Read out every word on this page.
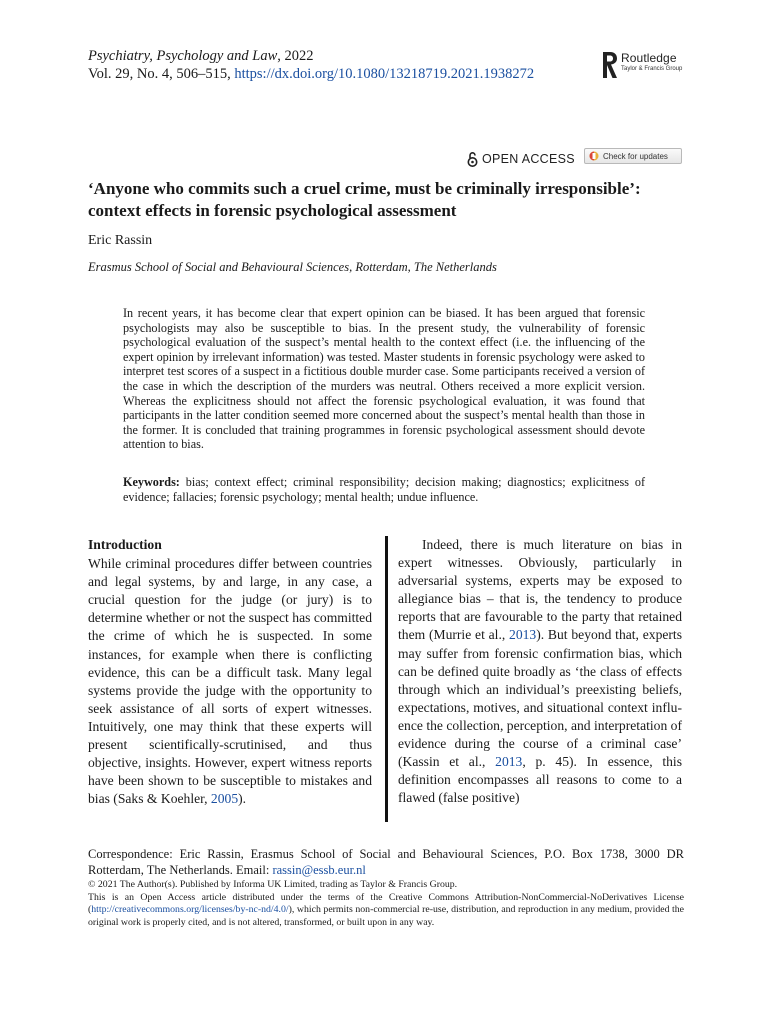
Psychiatry, Psychology and Law, 2022
Vol. 29, No. 4, 506–515, https://dx.doi.org/10.1080/13218719.2021.1938272
Routledge
Taylor & Francis Group
OPEN ACCESS	Check for updates
‘Anyone who commits such a cruel crime, must be criminally irresponsible’: context effects in forensic psychological assessment
Eric Rassin
Erasmus School of Social and Behavioural Sciences, Rotterdam, The Netherlands
In recent years, it has become clear that expert opinion can be biased. It has been argued that forensic psychologists may also be susceptible to bias. In the present study, the vulnerability of forensic psychological evaluation of the suspect’s mental health to the context effect (i.e. the influencing of the expert opinion by irrelevant information) was tested. Master students in forensic psychology were asked to interpret test scores of a suspect in a fictitious double murder case. Some participants received a version of the case in which the description of the murders was neutral. Others received a more explicit version. Whereas the explicitness should not affect the forensic psychological evaluation, it was found that participants in the latter condition seemed more concerned about the suspect’s mental health than those in the former. It is concluded that training programmes in forensic psychological assessment should devote attention to bias.
Keywords: bias; context effect; criminal responsibility; decision making; diagnostics; explicitness of evidence; fallacies; forensic psychology; mental health; undue influence.
Introduction

While criminal procedures differ between countries and legal systems, by and large, in any case, a crucial question for the judge (or jury) is to determine whether or not the suspect has committed the crime of which he is suspected. In some instances, for example when there is conflicting evidence, this can be a difficult task. Many legal systems provide the judge with the opportunity to seek assistance of all sorts of expert witnesses. Intuitively, one may think that these experts will present scientifically-scrutinised, and thus objective, insights. However, expert witness reports have been shown to be susceptible to mistakes and bias (Saks & Koehler, 2005).

Indeed, there is much literature on bias in expert witnesses. Obviously, particularly in adversarial systems, experts may be exposed to allegiance bias – that is, the tendency to produce reports that are favourable to the party that retained them (Murrie et al., 2013). But beyond that, experts may suffer from forensic confirmation bias, which can be defined quite broadly as ‘the class of effects through which an individual’s preexisting beliefs, expectations, motives, and situational context influence the collection, perception, and interpretation of evidence during the course of a criminal case’ (Kassin et al., 2013, p. 45). In essence, this definition encompasses all reasons to come to a flawed (false positive)

Correspondence: Eric Rassin, Erasmus School of Social and Behavioural Sciences, P.O. Box 1738, 3000 DR Rotterdam, The Netherlands. Email: rassin@essb.eur.nl
© 2021 The Author(s). Published by Informa UK Limited, trading as Taylor & Francis Group.
This is an Open Access article distributed under the terms of the Creative Commons Attribution-NonCommercial-NoDerivatives License (http://creativecommons.org/licenses/by-nc-nd/4.0/), which permits non-commercial re-use, distribution, and reproduction in any medium, provided the original work is properly cited, and is not altered, transformed, or built upon in any way.
